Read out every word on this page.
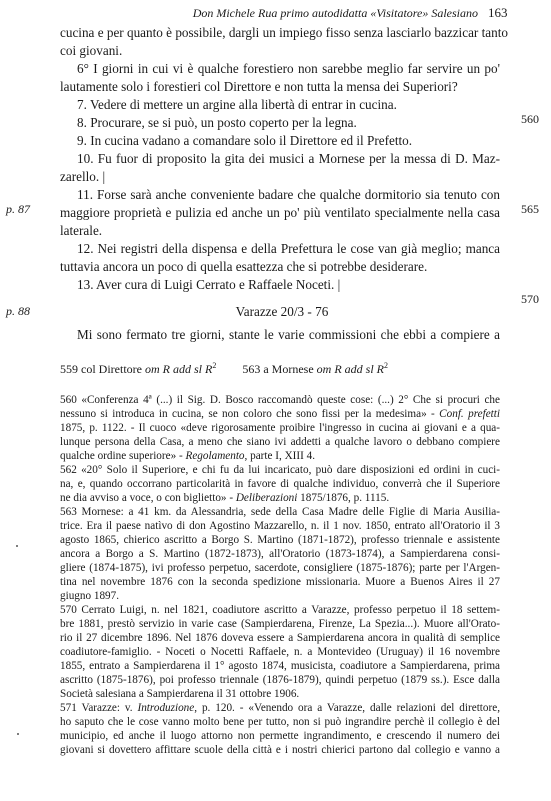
Don Michele Rua primo autodidatta «Visitatore» Salesiano 163
cucina e per quanto è possibile, dargli un impiego fisso senza lasciarlo bazzicar tanto
coi giovani.
6° I giorni in cui vi è qualche forestiero non sarebbe meglio far servire un po'
lautamente solo i forestieri col Direttore e non tutta la mensa dei Superiori?
7. Vedere di mettere un argine alla libertà di entrar in cucina.
8. Procurare, se si può, un posto coperto per la legna.
9. In cucina vadano a comandare solo il Direttore ed il Prefetto.
10. Fu fuor di proposito la gita dei musici a Mornese per la messa di D. Maz-
zarello. |
11. Forse sarà anche conveniente badare che qualche dormitorio sia tenuto con
maggiore proprietà e pulizia ed anche un po' più ventilato specialmente nella casa
laterale.
12. Nei registri della dispensa e della Prefettura le cose van già meglio; manca
tuttavia ancora un poco di quella esattezza che si potrebbe desiderare.
13. Aver cura di Luigi Cerrato e Raffaele Noceti. |
560
565
570
p. 87
p. 88	Varazze 20/3 - 76
Mi sono fermato tre giorni, stante le varie commissioni che ebbi a compiere a
559 col Direttore om R add sl $R^2$ 563 a Mornese om R add sl $R^2$
560 «Conferenza 4ª (...) il Sig. D. Bosco raccomandò queste cose: (...) 2° Che si procuri che
nessuno si introduca in cucina, se non coloro che sono fissi per la medesima» - Conf. prefetti
1875, p. 1122. - Il cuoco «deve rigorosamente proibire l'ingresso in cucina ai giovani e a qua-
lunque persona della Casa, a meno che siano ivi addetti a qualche lavoro o debbano compiere
qualche ordine superiore» - Regolamento, parte I, XIII 4.
562 «20° Solo il Superiore, e chi fu da lui incaricato, può dare disposizioni ed ordini in cuci-
na, e, quando occorrano particolarità in favore di qualche individuo, converrà che il Superiore
ne dia avviso a voce, o con biglietto» - Deliberazioni 1875/1876, p. 1115.
563 Mornese: a 41 km. da Alessandria, sede della Casa Madre delle Figlie di Maria Ausilia-
trice. Era il paese natìvo di don Agostino Mazzarello, n. il 1 nov. 1850, entrato all'Oratorio il 3
agosto 1865, chierico ascritto a Borgo S. Martino (1871-1872), professo triennale e assistente
ancora a Borgo a S. Martino (1872-1873), all'Oratorio (1873-1874), a Sampierdarena consi-
gliere (1874-1875), ivi professo perpetuo, sacerdote, consigliere (1875-1876); parte per l'Argen-
tina nel novembre 1876 con la seconda spedizione missionaria. Muore a Buenos Aires il 27
giugno 1897.
570 Cerrato Luigi, n. nel 1821, coadiutore ascritto a Varazze, professo perpetuo il 18 settem-
bre 1881, prestò servizio in varie case (Sampierdarena, Firenze, La Spezia...). Muore all'Orato-
rio il 27 dicembre 1896. Nel 1876 doveva essere a Sampierdarena ancora in qualità di semplice
coadiutore-famiglio. - Noceti o Nocetti Raffaele, n. a Montevideo (Uruguay) il 16 novembre
1855, entrato a Sampierdarena il 1° agosto 1874, musicista, coadiutore a Sampierdarena, prima
ascritto (1875-1876), poi professo triennale (1876-1879), quindi perpetuo (1879 ss.). Esce dalla
Società salesiana a Sampierdarena il 31 ottobre 1906.
571 Varazze: v. Introduzione, p. 120. - «Venendo ora a Varazze, dalle relazioni del direttore,
ho saputo che le cose vanno molto bene per tutto, non si può ingrandire perchè il collegio è del
municipio, ed anche il luogo attorno non permette ingrandimento, e crescendo il numero dei
giovani si dovettero affittare scuole della città e i nostri chierici partono dal collegio e vanno a
